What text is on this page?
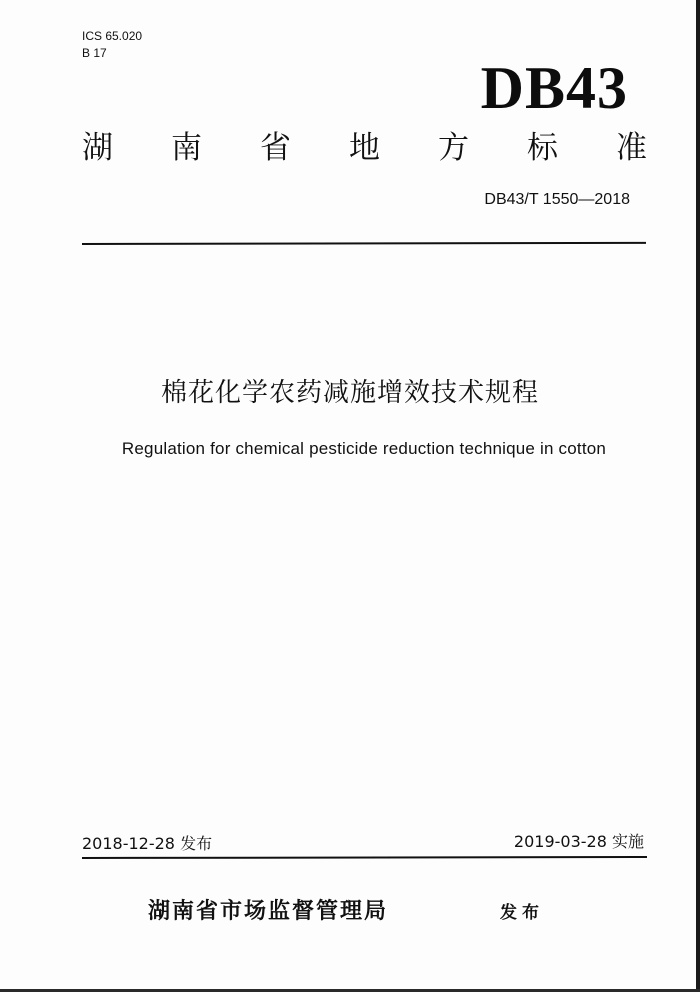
ICS 65.020
B 17
DB43
湖 南 省 地 方 标 准
DB43/T 1550—2018
棉花化学农药减施增效技术规程
Regulation for chemical pesticide reduction technique in cotton
2018-12-28 发布	2019-03-28 实施
湖南省市场监督管理局	发布
